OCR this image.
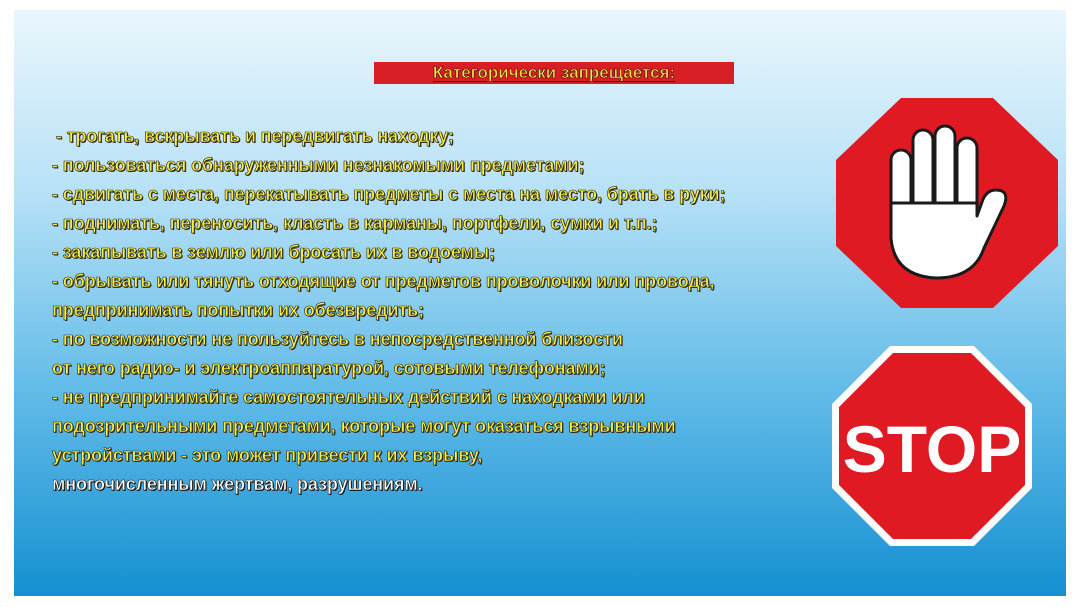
Категорически запрещается:
STOP
- трогать, вскрывать и передвигать находку;
- пользоваться обнаруженными незнакомыми предметами;
- сдвигать с места, перекатывать предметы с места на место, брать в руки;
- поднимать, переносить, класть в карманы, портфели, сумки и т.п.;
- закапывать в землю или бросать их в водоемы;
- обрывать или тянуть отходящие от предметов проволочки или провода,
предпринимать попытки их обезвредить;
- по возможности не пользуйтесь в непосредственной близости
от него радио- и электроаппаратурой, сотовыми телефонами;
- не предпринимайте самостоятельных действий с находками или
подозрительными предметами, которые могут оказаться взрывными
устройствами - это может привести к их взрыву,
многочисленным жертвам, разрушениям.
